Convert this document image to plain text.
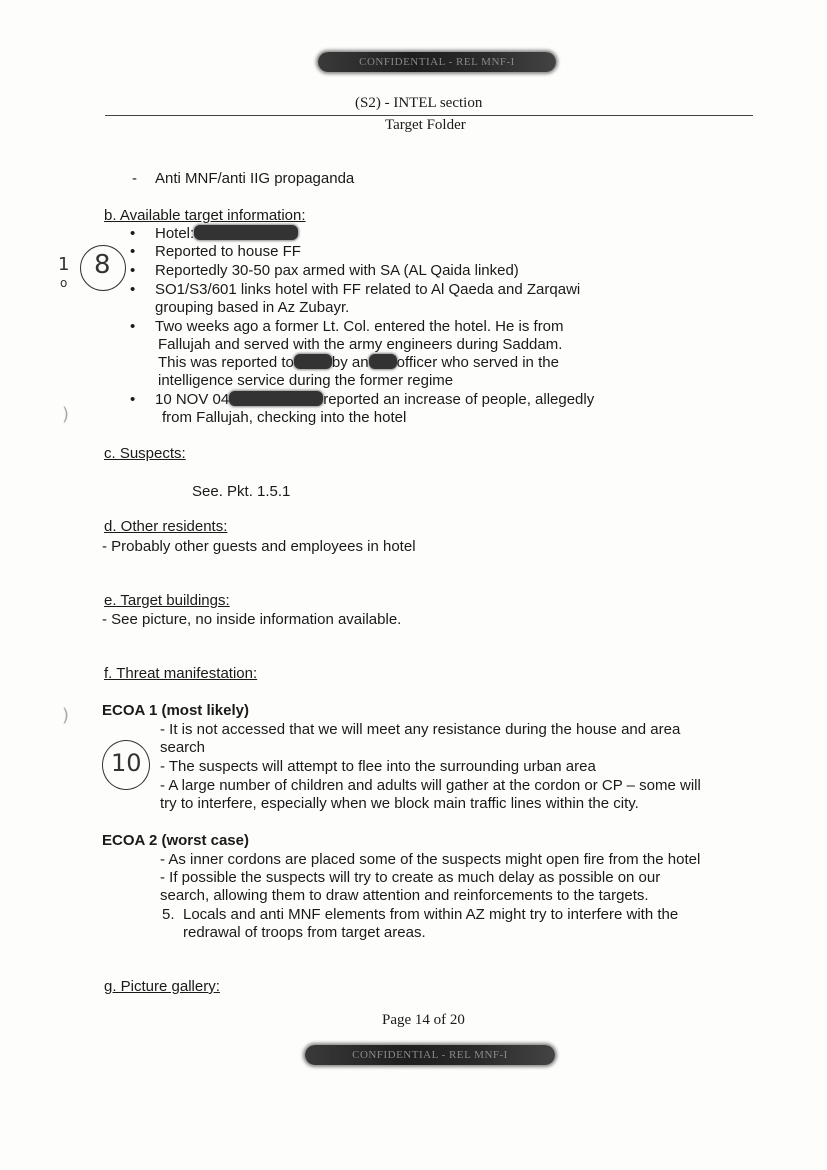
CONFIDENTIAL - REL MNF-I
(S2) - INTEL section
Target Folder
- Anti MNF/anti IIG propaganda
b. Available target information:
• Hotel:
• Reported to house FF
• Reportedly 30-50 pax armed with SA (AL Qaida linked)
• SO1/S3/601 links hotel with FF related to Al Qaeda and Zarqawi
grouping based in Az Zubayr.
• Two weeks ago a former Lt. Col. entered the hotel. He is from
Fallujah and served with the army engineers during Saddam.
This was reported to	by an officer who served in the
intelligence service during the former regime
• 10 NOV 04	reported an increase of people, allegedly
from Fallujah, checking into the hotel
c. Suspects:
See. Pkt. 1.5.1
d. Other residents:
- Probably other guests and employees in hotel
e. Target buildings:
- See picture, no inside information available.
f. Threat manifestation:
ECOA 1 (most likely)
- It is not accessed that we will meet any resistance during the house and area
search
- The suspects will attempt to flee into the surrounding urban area
- A large number of children and adults will gather at the cordon or CP – some will
try to interfere, especially when we block main traffic lines within the city.
ECOA 2 (worst case)
- As inner cordons are placed some of the suspects might open fire from the hotel
- If possible the suspects will try to create as much delay as possible on our
search, allowing them to draw attention and reinforcements to the targets.
5. Locals and anti MNF elements from within AZ might try to interfere with the
redrawal of troops from target areas.
g. Picture gallery:
Page 14 of 20
CONFIDENTIAL - REL MNF-I
8
1
o
10
)
)
